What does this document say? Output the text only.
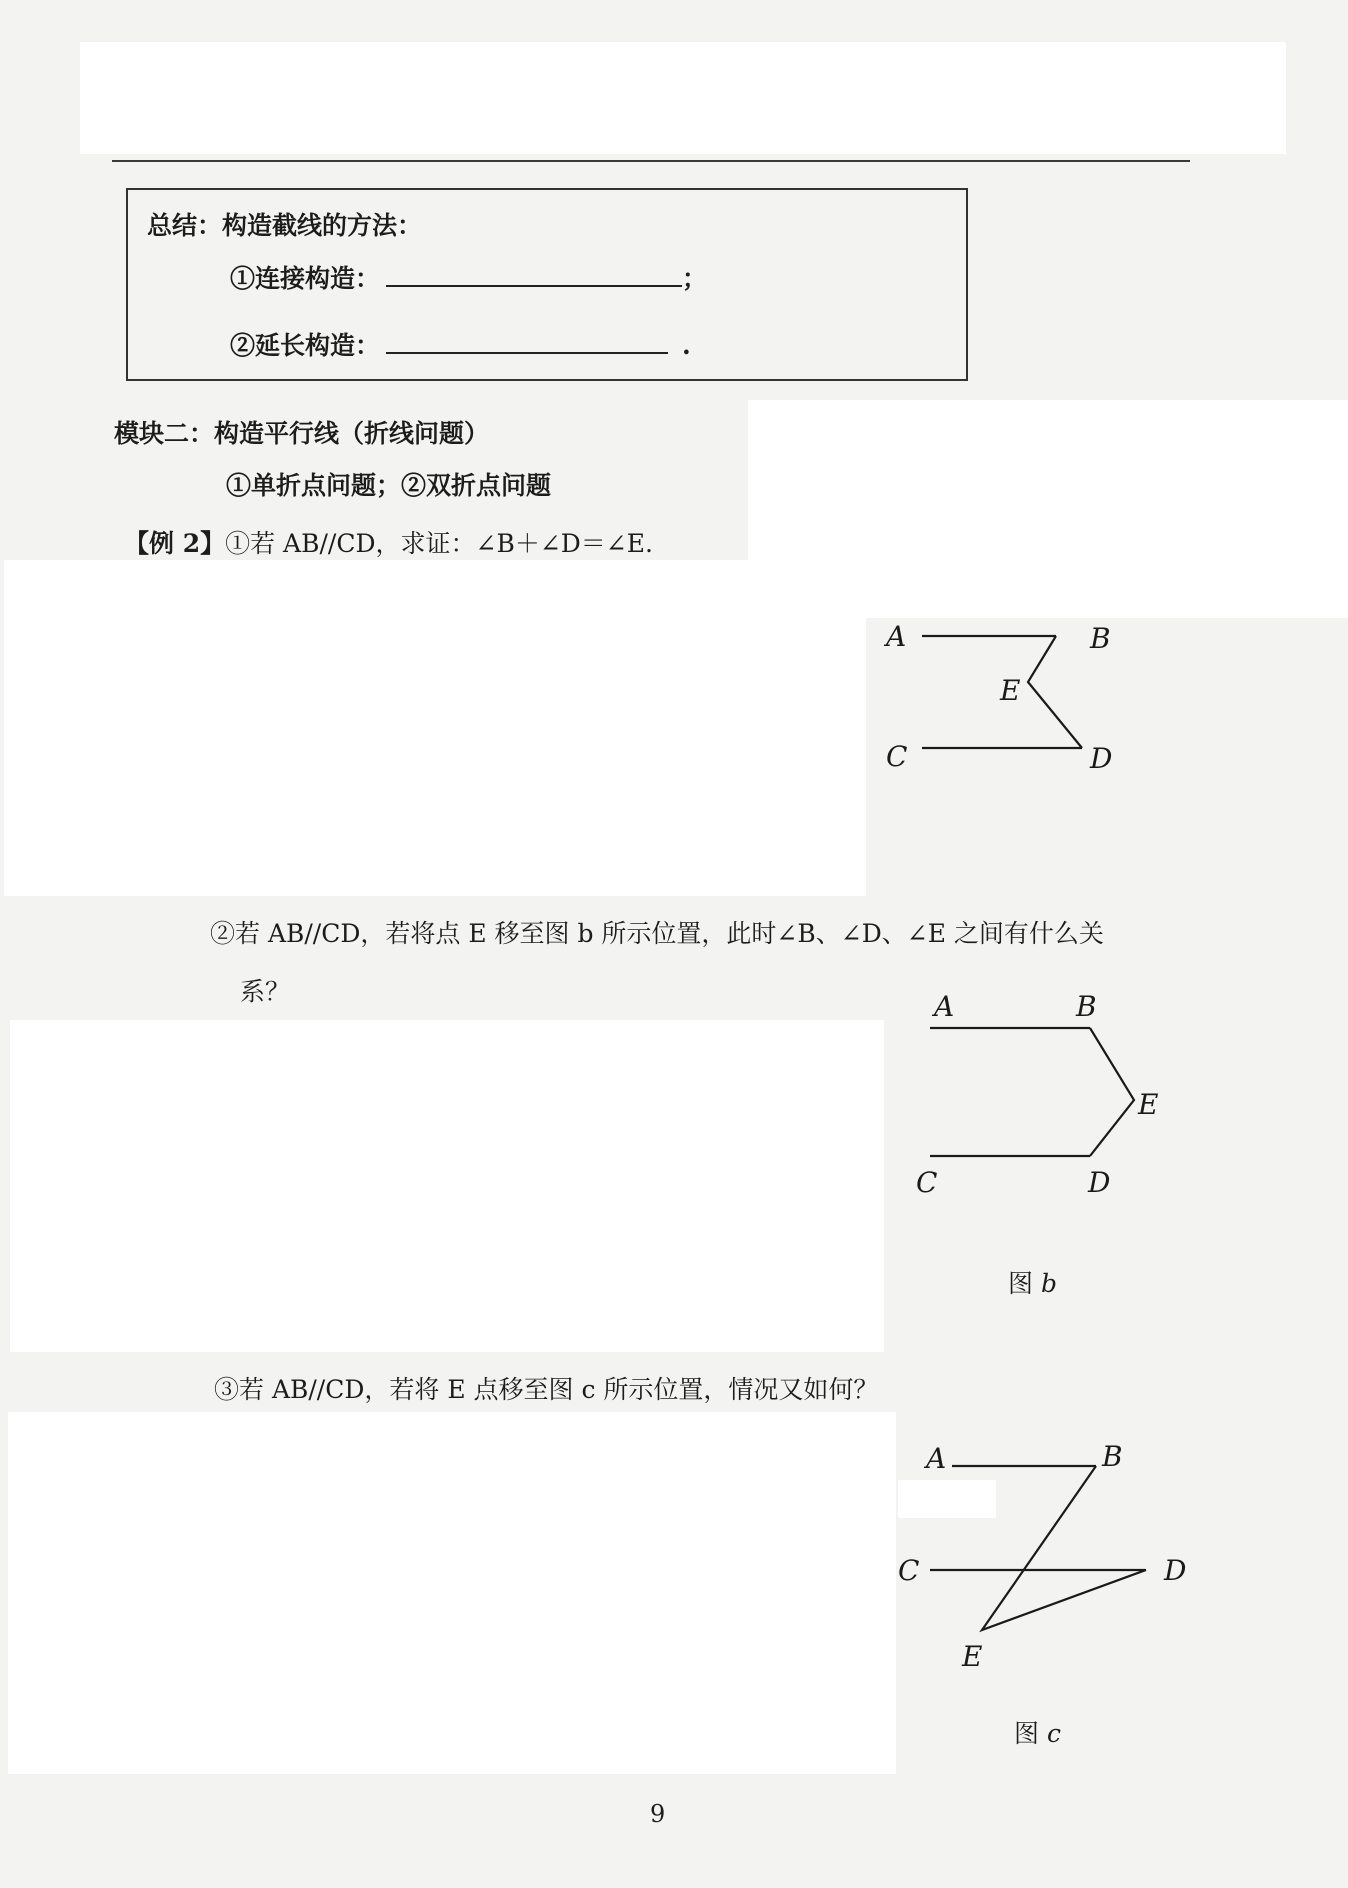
总结：构造截线的方法：
①连接构造：	；
②延长构造：	.
模块二：构造平行线（折线问题）
①单折点问题；②双折点问题
【例 2】①若 AB//CD，求证：∠B＋∠D＝∠E.
A	B
E
C	D
②若 AB//CD，若将点 E 移至图 b 所示位置，此时∠B、∠D、∠E 之间有什么关
系？	A	B
E
C	D
图 b
③若 AB//CD，若将 E 点移至图 c 所示位置，情况又如何？
A	B
C	D
E
图 c
9
